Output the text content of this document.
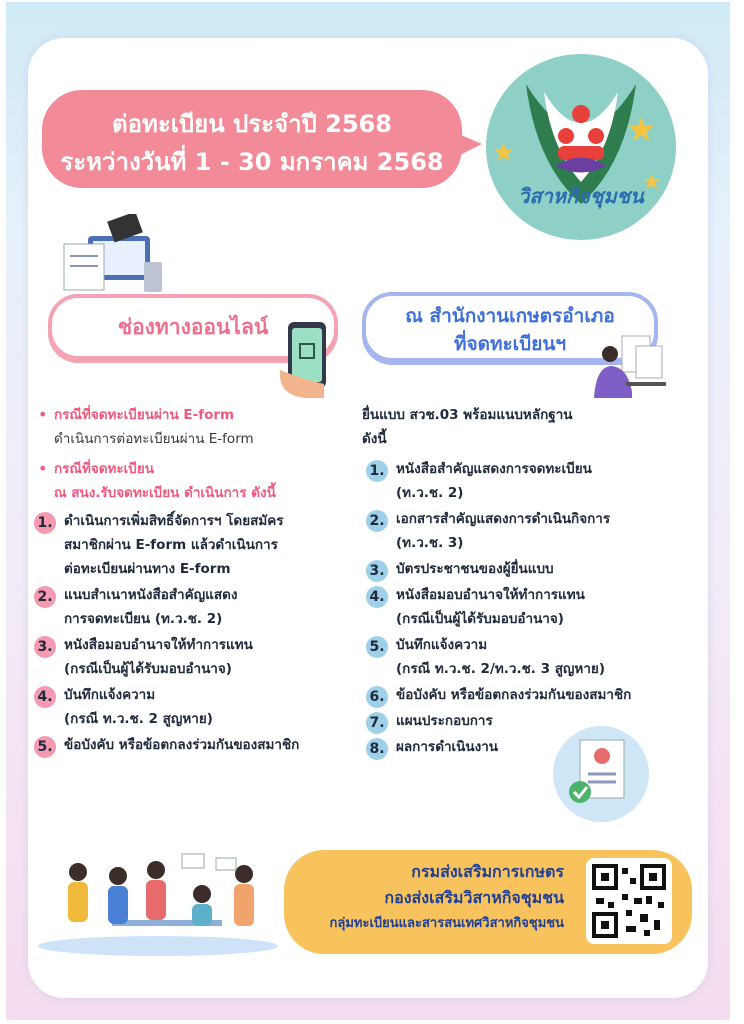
ต่อทะเบียน ประจำปี 2568
ระหว่างวันที่ 1 - 30 มกราคม 2568
วิสาหกิจชุมชน
★
★
★
ช่องทางออนไลน์	ณ สำนักงานเกษตรอำเภอ
ที่จดทะเบียนฯ
• กรณีที่จดทะเบียนผ่าน E-form
ดำเนินการต่อทะเบียนผ่าน E-form
• กรณีที่จดทะเบียน
ณ สนง.รับจดทะเบียน ดำเนินการ ดังนี้
1. ดำเนินการเพิ่มสิทธิ์จัดการฯ โดยสมัคร
สมาชิกผ่าน E-form แล้วดำเนินการ
ต่อทะเบียนผ่านทาง E-form
2. แนบสำเนาหนังสือสำคัญแสดง
การจดทะเบียน (ท.ว.ช. 2)
3. หนังสือมอบอำนาจให้ทำการแทน
(กรณีเป็นผู้ได้รับมอบอำนาจ)
4. บันทึกแจ้งความ
(กรณี ท.ว.ช. 2 สูญหาย)
5. ข้อบังคับ หรือข้อตกลงร่วมกันของสมาชิก
ยื่นแบบ สวช.03 พร้อมแนบหลักฐาน
ดังนี้
1. หนังสือสำคัญแสดงการจดทะเบียน
(ท.ว.ช. 2)
2. เอกสารสำคัญแสดงการดำเนินกิจการ
(ท.ว.ช. 3)
3. บัตรประชาชนของผู้ยื่นแบบ
4. หนังสือมอบอำนาจให้ทำการแทน
(กรณีเป็นผู้ได้รับมอบอำนาจ)
5. บันทึกแจ้งความ
(กรณี ท.ว.ช. 2/ท.ว.ช. 3 สูญหาย)
6. ข้อบังคับ หรือข้อตกลงร่วมกันของสมาชิก
7. แผนประกอบการ
8. ผลการดำเนินงาน
กรมส่งเสริมการเกษตร
กองส่งเสริมวิสาหกิจชุมชน
กลุ่มทะเบียนและสารสนเทศวิสาหกิจชุมชน
